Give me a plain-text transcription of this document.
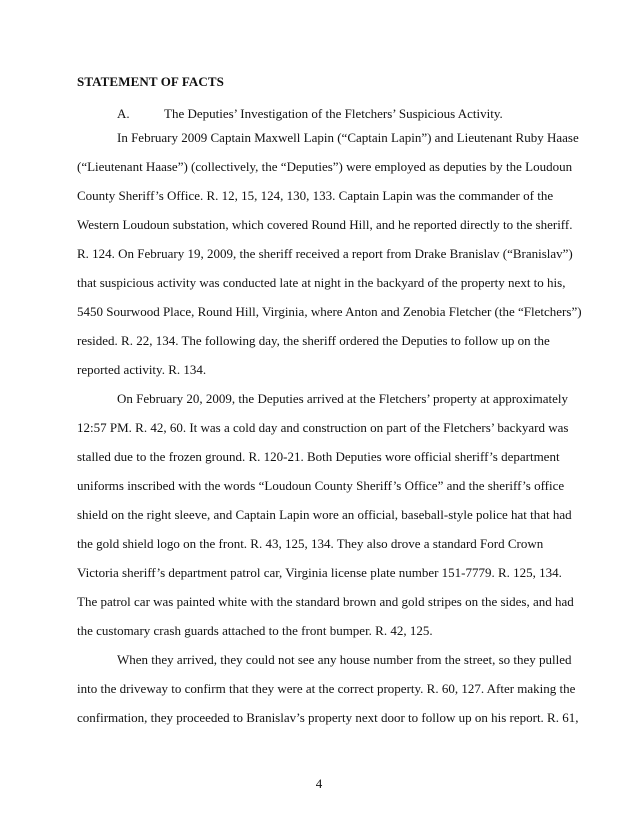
STATEMENT OF FACTS
A.	The Deputies’ Investigation of the Fletchers’ Suspicious Activity.
In February 2009 Captain Maxwell Lapin (“Captain Lapin”) and Lieutenant Ruby Haase
(“Lieutenant Haase”) (collectively, the “Deputies”) were employed as deputies by the Loudoun
County Sheriff’s Office. R. 12, 15, 124, 130, 133. Captain Lapin was the commander of the
Western Loudoun substation, which covered Round Hill, and he reported directly to the sheriff.
R. 124. On February 19, 2009, the sheriff received a report from Drake Branislav (“Branislav”)
that suspicious activity was conducted late at night in the backyard of the property next to his,
5450 Sourwood Place, Round Hill, Virginia, where Anton and Zenobia Fletcher (the “Fletchers”)
resided. R. 22, 134. The following day, the sheriff ordered the Deputies to follow up on the
reported activity. R. 134.
On February 20, 2009, the Deputies arrived at the Fletchers’ property at approximately
12:57 PM. R. 42, 60. It was a cold day and construction on part of the Fletchers’ backyard was
stalled due to the frozen ground. R. 120-21. Both Deputies wore official sheriff’s department
uniforms inscribed with the words “Loudoun County Sheriff’s Office” and the sheriff’s office
shield on the right sleeve, and Captain Lapin wore an official, baseball-style police hat that had
the gold shield logo on the front. R. 43, 125, 134. They also drove a standard Ford Crown
Victoria sheriff’s department patrol car, Virginia license plate number 151-7779. R. 125, 134.
The patrol car was painted white with the standard brown and gold stripes on the sides, and had
the customary crash guards attached to the front bumper. R. 42, 125.
When they arrived, they could not see any house number from the street, so they pulled
into the driveway to confirm that they were at the correct property. R. 60, 127. After making the
confirmation, they proceeded to Branislav’s property next door to follow up on his report. R. 61,
4
